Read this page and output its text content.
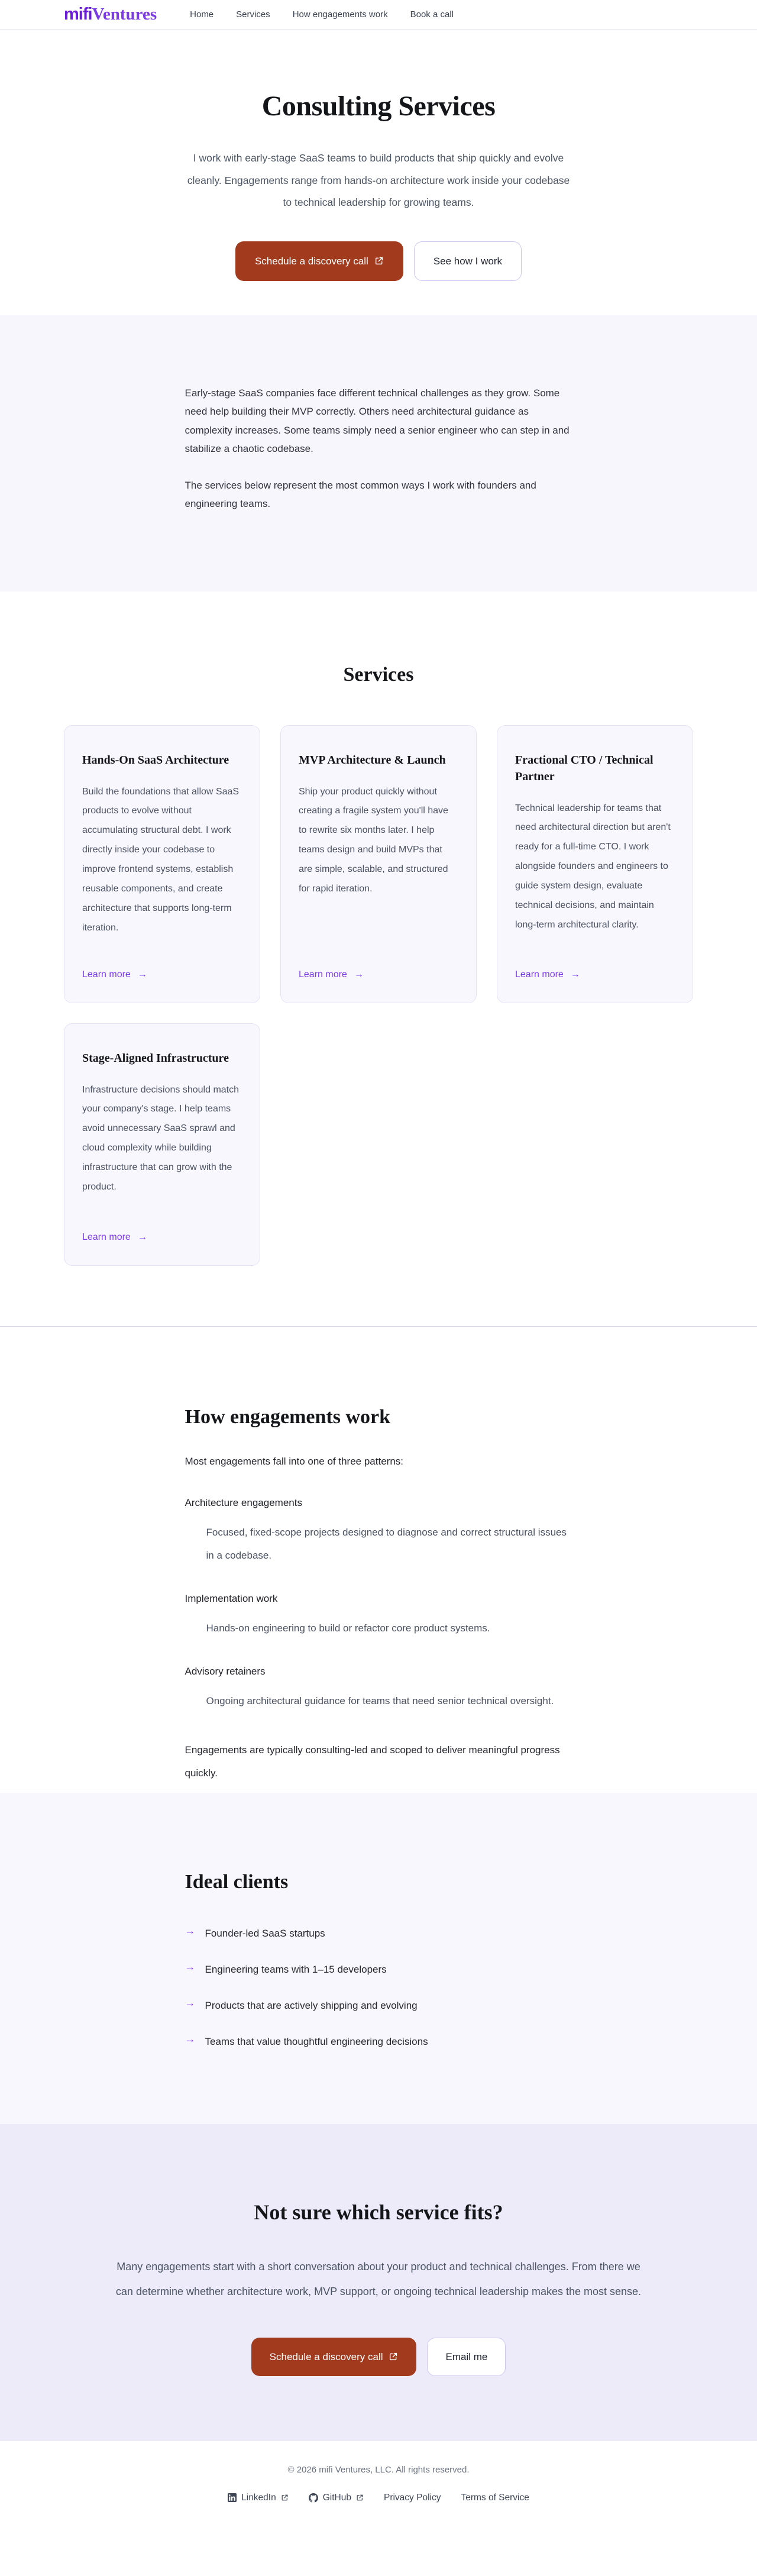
mifiVentures	Home	Services	How engagements work	Book a call
Consulting Services

I work with early-stage SaaS teams to build products that ship quickly and evolve cleanly. Engagements range from hands-on architecture work inside your codebase to technical leadership for growing teams.

Schedule a discovery call	See how I work

Early-stage SaaS companies face different technical challenges as they grow. Some need help building their MVP correctly. Others need architectural guidance as complexity increases. Some teams simply need a senior engineer who can step in and stabilize a chaotic codebase.

The services below represent the most common ways I work with founders and engineering teams.

Services
Hands-On SaaS Architecture

Build the foundations that allow SaaS products to evolve without accumulating structural debt. I work directly inside your codebase to improve frontend systems, establish reusable components, and create architecture that supports long-term iteration.

Learn more →
MVP Architecture & Launch

Ship your product quickly without creating a fragile system you'll have to rewrite six months later. I help teams design and build MVPs that are simple, scalable, and structured for rapid iteration.

Learn more →
Fractional CTO / Technical Partner

Technical leadership for teams that need architectural direction but aren't ready for a full-time CTO. I work alongside founders and engineers to guide system design, evaluate technical decisions, and maintain long-term architectural clarity.

Learn more →
Stage-Aligned Infrastructure

Infrastructure decisions should match your company's stage. I help teams avoid unnecessary SaaS sprawl and cloud complexity while building infrastructure that can grow with the product.

Learn more →
How engagements work

Most engagements fall into one of three patterns:

Architecture engagements
Focused, fixed-scope projects designed to diagnose and correct structural issues in a codebase.
Implementation work
Hands-on engineering to build or refactor core product systems.
Advisory retainers
Ongoing architectural guidance for teams that need senior technical oversight.

Engagements are typically consulting-led and scoped to deliver meaningful progress quickly.

Ideal clients
→ Founder-led SaaS startups
→ Engineering teams with 1–15 developers
→ Products that are actively shipping and evolving
→ Teams that value thoughtful engineering decisions
Not sure which service fits?

Many engagements start with a short conversation about your product and technical challenges. From there we can determine whether architecture work, MVP support, or ongoing technical leadership makes the most sense.

Schedule a discovery call	Email me

© 2026 mifi Ventures, LLC. All rights reserved.

LinkedIn	GitHub	Privacy Policy Terms of Service
